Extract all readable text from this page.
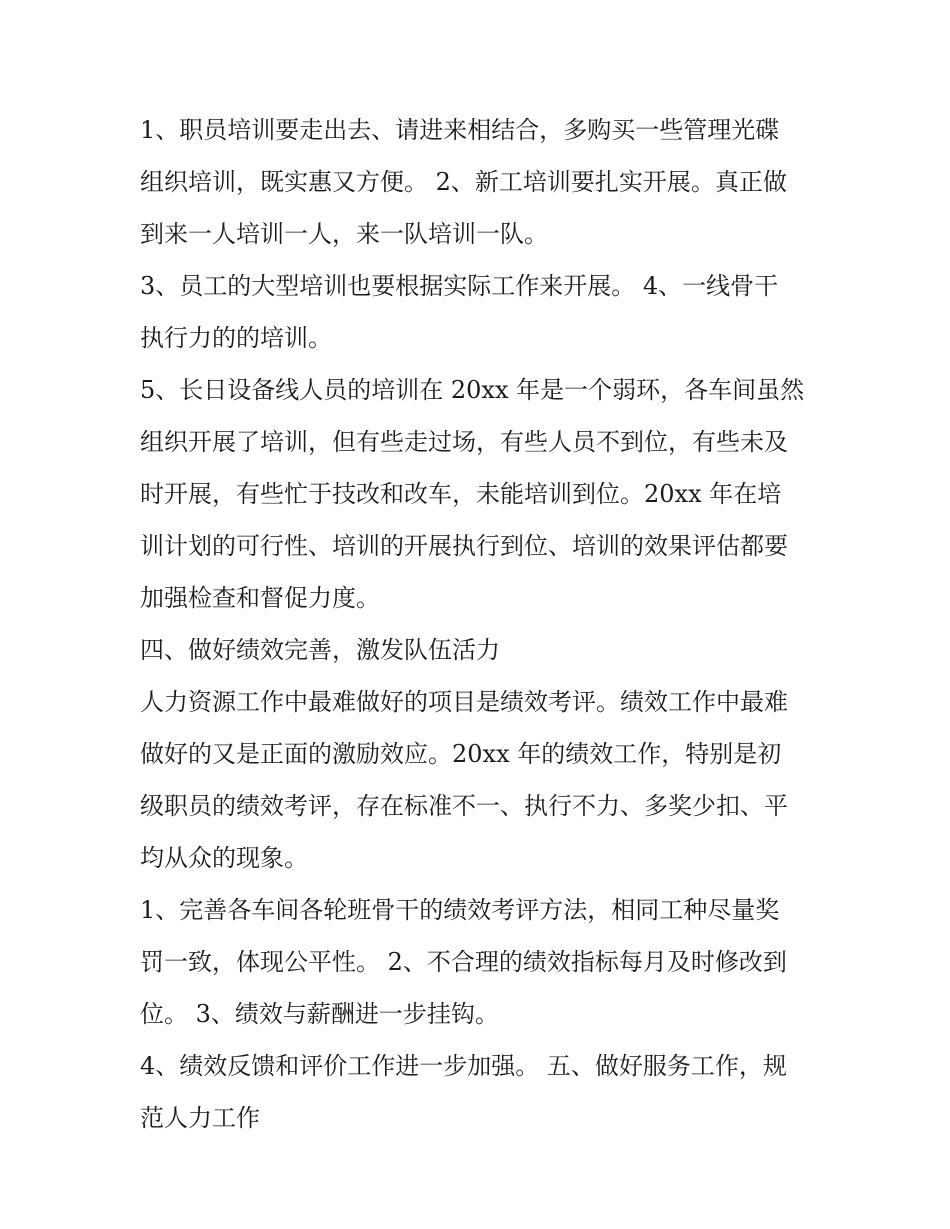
1、职员培训要走出去、请进来相结合，多购买一些管理光碟
组织培训，既实惠又方便。 2、新工培训要扎实开展。真正做
到来一人培训一人，来一队培训一队。
3、员工的大型培训也要根据实际工作来开展。 4、一线骨干
执行力的的培训。
5、长日设备线人员的培训在 20xx 年是一个弱环，各车间虽然
组织开展了培训，但有些走过场，有些人员不到位，有些未及
时开展，有些忙于技改和改车，未能培训到位。20xx 年在培
训计划的可行性、培训的开展执行到位、培训的效果评估都要
加强检查和督促力度。
四、做好绩效完善，激发队伍活力
人力资源工作中最难做好的项目是绩效考评。绩效工作中最难
做好的又是正面的激励效应。20xx 年的绩效工作，特别是初
级职员的绩效考评，存在标准不一、执行不力、多奖少扣、平
均从众的现象。
1、完善各车间各轮班骨干的绩效考评方法，相同工种尽量奖
罚一致，体现公平性。 2、不合理的绩效指标每月及时修改到
位。 3、绩效与薪酬进一步挂钩。
4、绩效反馈和评价工作进一步加强。 五、做好服务工作，规
范人力工作
